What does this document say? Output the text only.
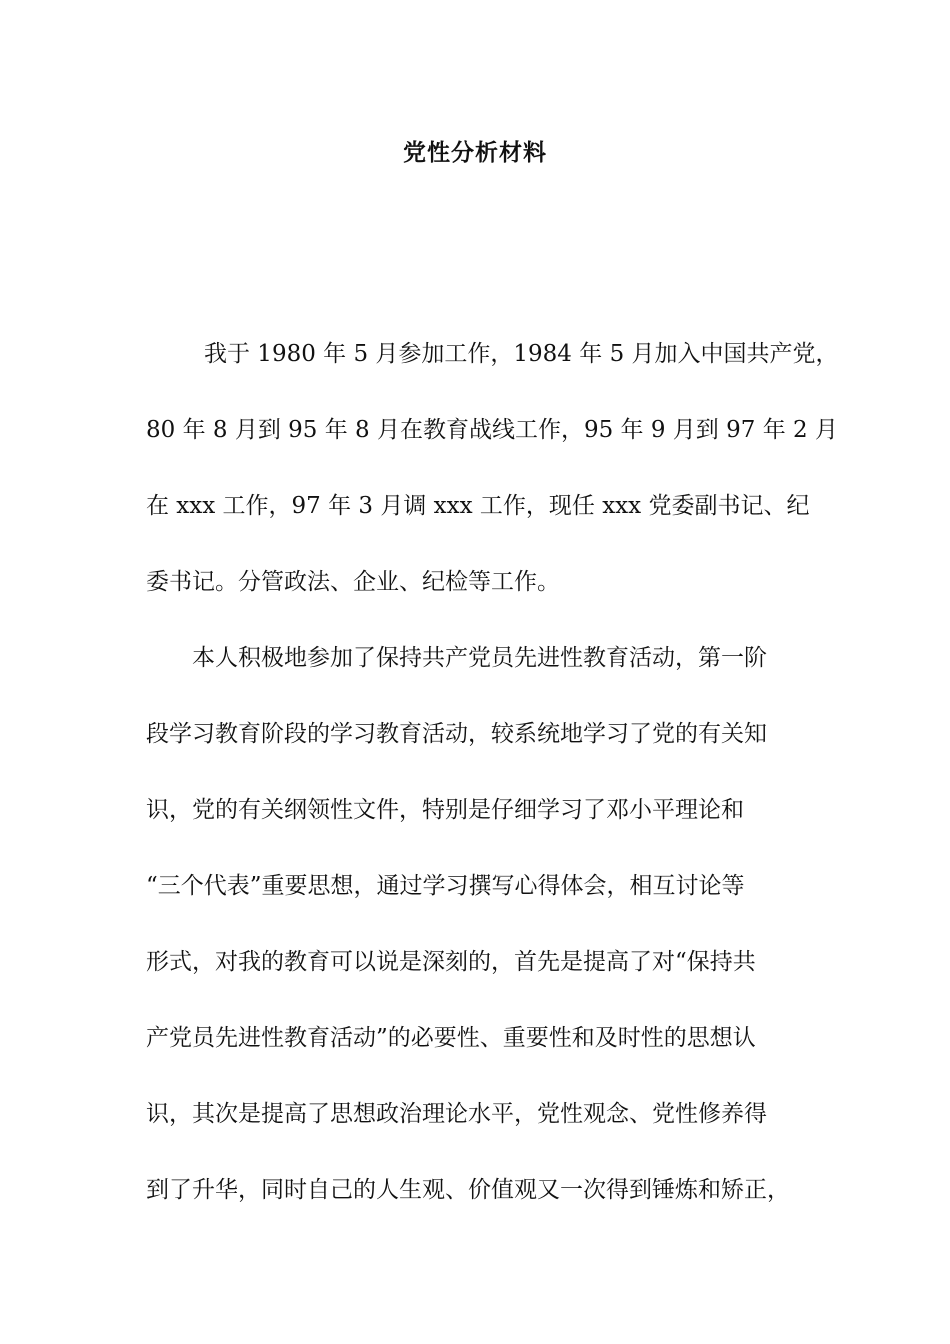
党性分析材料
我于 1980 年 5 月参加工作，1984 年 5 月加入中国共产党，
80 年 8 月到 95 年 8 月在教育战线工作，95 年 9 月到 97 年 2 月
在 xxx 工作，97 年 3 月调 xxx 工作，现任 xxx 党委副书记、纪
委书记。分管政法、企业、纪检等工作。
本人积极地参加了保持共产党员先进性教育活动，第一阶
段学习教育阶段的学习教育活动，较系统地学习了党的有关知
识，党的有关纲领性文件，特别是仔细学习了邓小平理论和
“三个代表”重要思想，通过学习撰写心得体会，相互讨论等
形式，对我的教育可以说是深刻的，首先是提高了对“保持共
产党员先进性教育活动”的必要性、重要性和及时性的思想认
识，其次是提高了思想政治理论水平，党性观念、党性修养得
到了升华，同时自己的人生观、价值观又一次得到锤炼和矫正，
